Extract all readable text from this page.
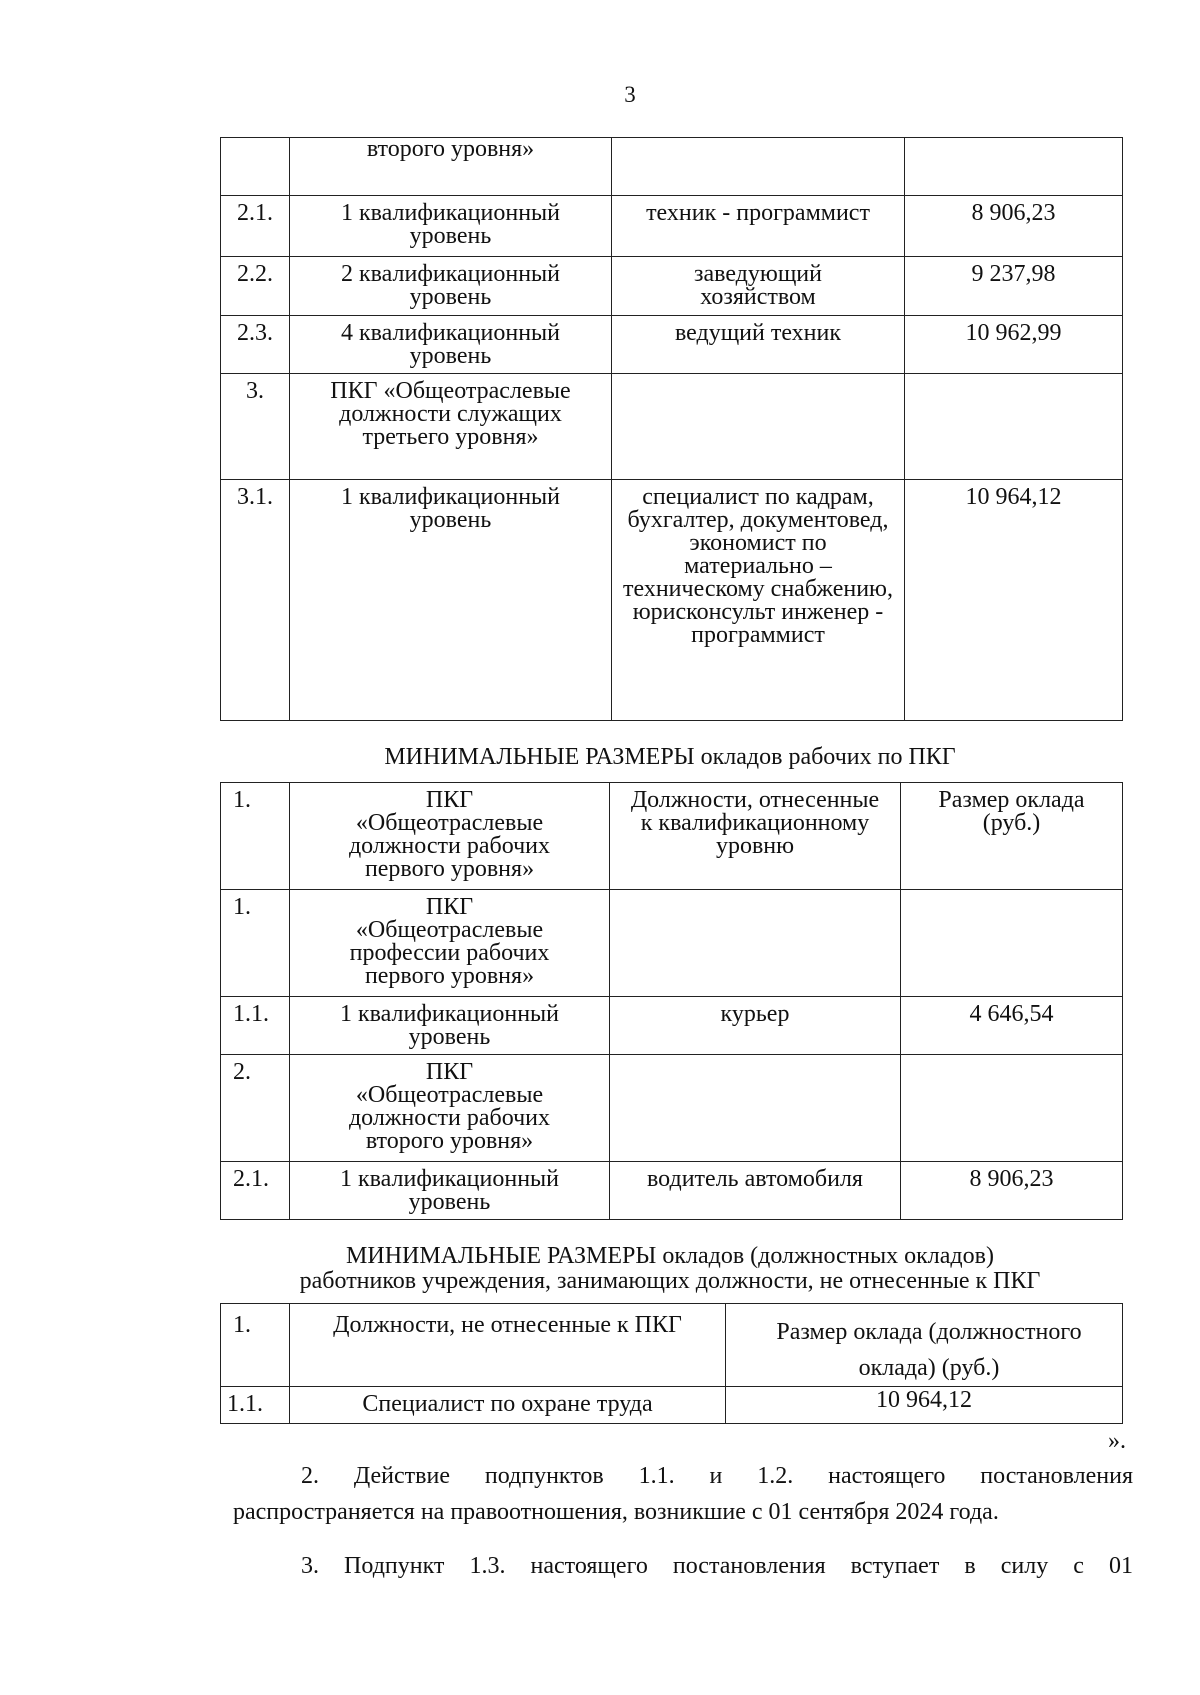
3
	второго уровня»		
2.1.	1 квалификационный уровень	техник - программист	8 906,23
2.2.	2 квалификационный уровень	заведующий хозяйством	9 237,98
2.3.	4 квалификационный уровень	ведущий техник	10 962,99
3.	ПКГ «Общеотраслевые должности служащих третьего уровня»		
3.1.	1 квалификационный уровень	специалист по кадрам, бухгалтер, документовед, экономист по материально – техническому снабжению, юрисконсульт инженер - программист	10 964,12
МИНИМАЛЬНЫЕ РАЗМЕРЫ окладов рабочих по ПКГ
1.	ПКГ «Общеотраслевые должности рабочих первого уровня»	Должности, отнесенные к квалификационному уровню	Размер оклада (руб.)
1.	ПКГ «Общеотраслевые профессии рабочих первого уровня»		
1.1.	1 квалификационный уровень	курьер	4 646,54
2.	ПКГ «Общеотраслевые должности рабочих второго уровня»		
2.1.	1 квалификационный уровень	водитель автомобиля	8 906,23
МИНИМАЛЬНЫЕ РАЗМЕРЫ окладов (должностных окладов)
работников учреждения, занимающих должности, не отнесенные к ПКГ
1.	Должности, не отнесенные к ПКГ	Размер оклада (должностного оклада) (руб.)
1.1.	Специалист по охране труда	10 964,12
».
2. Действие подпунктов 1.1. и 1.2. настоящего постановления
распространяется на правоотношения, возникшие с 01 сентября 2024 года.
3. Подпункт 1.3. настоящего постановления вступает в силу с 01
